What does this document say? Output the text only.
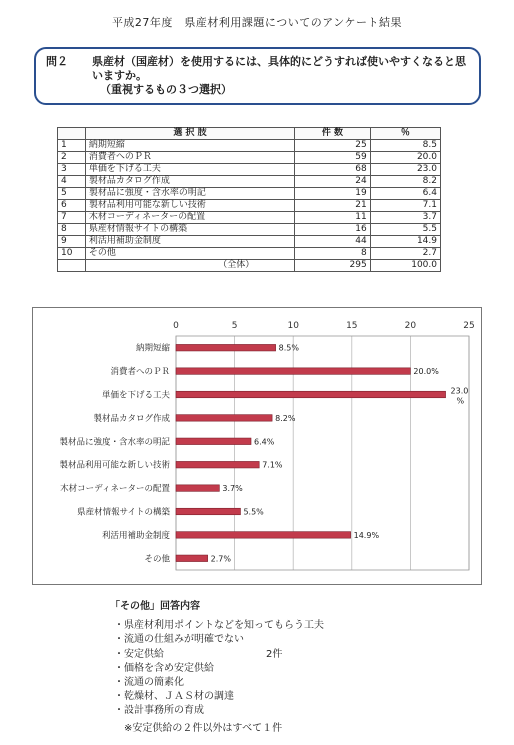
平成27年度　県産材利用課題についてのアンケート結果
問２ 県産材（国産材）を使用するには、具体的にどうすれば使いやすくなると思いますか。
（重視するもの３つ選択）
	選 択 肢	件 数	％
1	納期短縮	25	8.5
2	消費者へのＰＲ	59	20.0
3	単価を下げる工夫	68	23.0
4	製材品カタログ作成	24	8.2
5	製材品に強度・含水率の明記	19	6.4
6	製材品利用可能な新しい技術	21	7.1
7	木材コーディネーターの配置	11	3.7
8	県産材情報サイトの構築	16	5.5
9	利活用補助金制度	44	14.9
10	その他	8	2.7
	（全体）	295	100.0
0	5	10	15	20	25
納期短縮	8.5%
消費者へのＰＲ	20.0%
単価を下げる工夫	23.0 %
製材品カタログ作成	8.2%
製材品に強度・含水率の明記	6.4%
製材品利用可能な新しい技術	7.1%
木材コーディネーターの配置	3.7%
県産材情報サイトの構築	5.5%
利活用補助金制度	14.9%
その他	2.7%
「その他」回答内容
・県産材利用ポイントなどを知ってもらう工夫
・流通の仕組みが明確でない
・安定供給	2件
・価格を含め安定供給
・流通の簡素化
・乾燥材、ＪＡＳ材の調達
・設計事務所の育成
※安定供給の２件以外はすべて１件
